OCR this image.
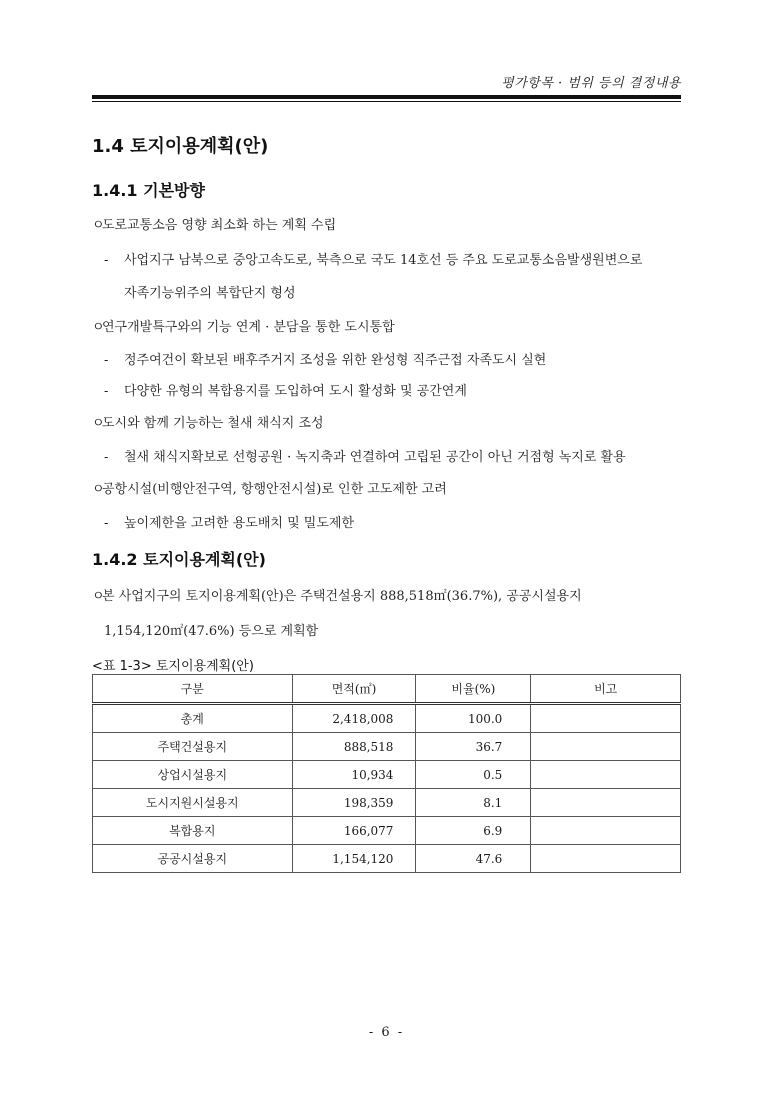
평가항목 · 범위 등의 결정내용
1.4 토지이용계획(안)
1.4.1 기본방향
ㅇ도로교통소음 영향 최소화 하는 계획 수립
- 사업지구 남북으로 중앙고속도로, 북측으로 국도 14호선 등 주요 도로교통소음발생원변으로
자족기능위주의 복합단지 형성
ㅇ연구개발특구와의 기능 연계 · 분담을 통한 도시통합
- 정주여건이 확보된 배후주거지 조성을 위한 완성형 직주근접 자족도시 실현
- 다양한 유형의 복합용지를 도입하여 도시 활성화 및 공간연계
ㅇ도시와 함께 기능하는 철새 채식지 조성
- 철새 채식지확보로 선형공원 · 녹지축과 연결하여 고립된 공간이 아닌 거점형 녹지로 활용
ㅇ공항시설(비행안전구역, 항행안전시설)로 인한 고도제한 고려
- 높이제한을 고려한 용도배치 및 밀도제한
1.4.2 토지이용계획(안)
ㅇ본 사업지구의 토지이용계획(안)은 주택건설용지 888,518㎡(36.7%), 공공시설용지
1,154,120㎡(47.6%) 등으로 계획함
<표 1-3> 토지이용계획(안)
구분	면적(㎡)	비율(%)	비고
총계	2,418,008	100.0	
주택건설용지	888,518	36.7	
상업시설용지	10,934	0.5	
도시지원시설용지	198,359	8.1	
복합용지	166,077	6.9	
공공시설용지	1,154,120	47.6	
- 6 -
